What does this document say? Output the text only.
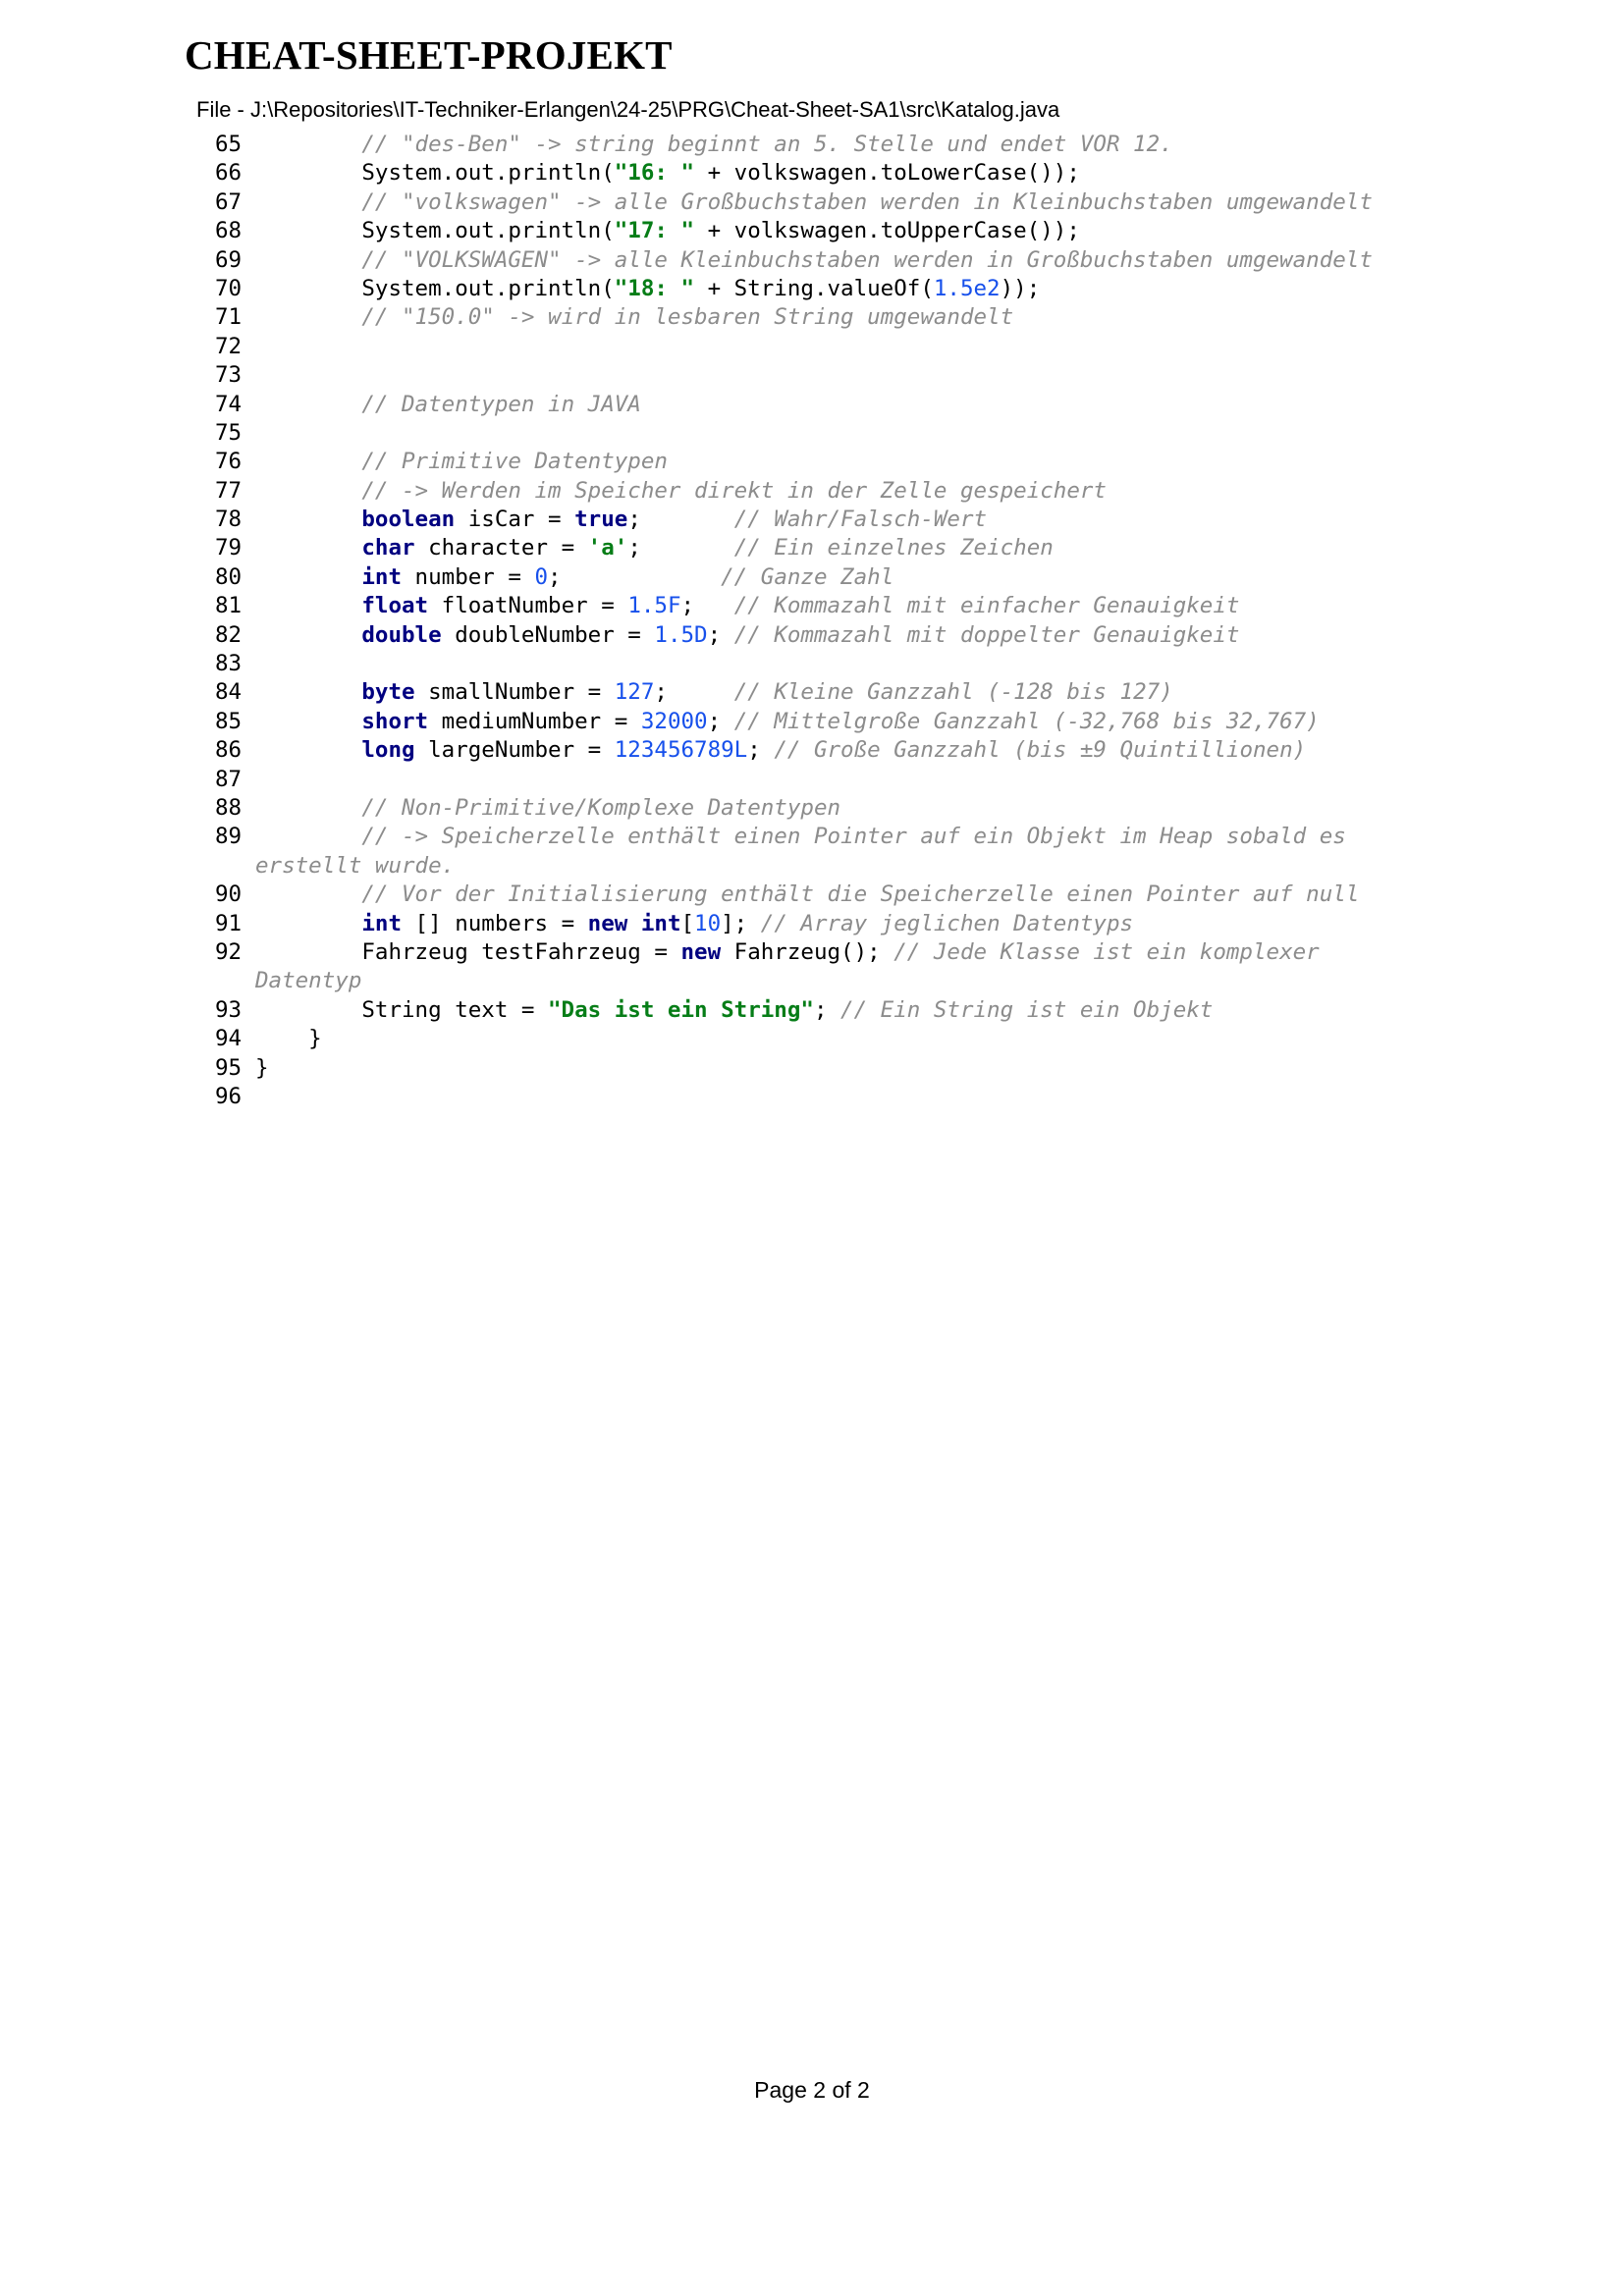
CHEAT-SHEET-PROJEKT
File - J:\Repositories\IT-Techniker-Erlangen\24-25\PRG\Cheat-Sheet-SA1\src\Katalog.java
65	// "des-Ben" -> string beginnt an 5. Stelle und endet VOR 12.
66 System.out.println("16: " + volkswagen.toLowerCase());
67	// "volkswagen" -> alle Großbuchstaben werden in Kleinbuchstaben umgewandelt
68 System.out.println("17: " + volkswagen.toUpperCase());
69	// "VOLKSWAGEN" -> alle Kleinbuchstaben werden in Großbuchstaben umgewandelt
70 System.out.println("18: " + String.valueOf(1.5e2));
71	// "150.0" -> wird in lesbaren String umgewandelt
72
73
74	// Datentypen in JAVA
75
76	// Primitive Datentypen
77	// -> Werden im Speicher direkt in der Zelle gespeichert
78	boolean isCar = true;       // Wahr/Falsch-Wert
79	char character = 'a';       // Ein einzelnes Zeichen
80	int number = 0;            // Ganze Zahl
81	float floatNumber = 1.5F;   // Kommazahl mit einfacher Genauigkeit
82	double doubleNumber = 1.5D; // Kommazahl mit doppelter Genauigkeit
83
84	byte smallNumber = 127;     // Kleine Ganzzahl (-128 bis 127)
85	short mediumNumber = 32000; // Mittelgroße Ganzzahl (-32,768 bis 32,767)
86	long largeNumber = 123456789L; // Große Ganzzahl (bis ±9 Quintillionen)
87
88	// Non-Primitive/Komplexe Datentypen
89	// -> Speicherzelle enthält einen Pointer auf ein Objekt im Heap sobald es
erstellt wurde.
90	// Vor der Initialisierung enthält die Speicherzelle einen Pointer auf null
91	int [] numbers = new int[10]; // Array jeglichen Datentyps
92 Fahrzeug testFahrzeug = new Fahrzeug(); // Jede Klasse ist ein komplexer
Datentyp
93 String text = "Das ist ein String"; // Ein String ist ein Objekt
94 }
95 }
96
Page 2 of 2
